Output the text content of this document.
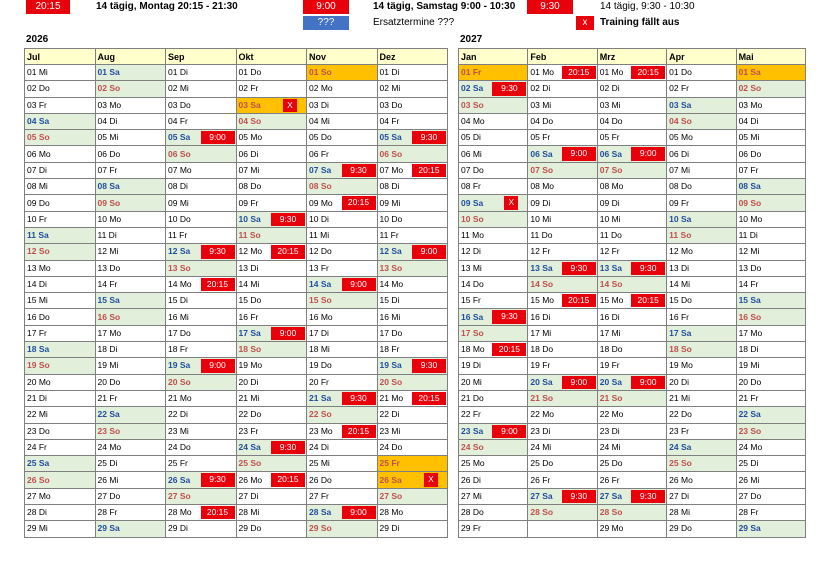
20:15	14 tägig, Montag 20:15 - 21:30	9:00	14 tägig, Samstag 9:00 - 10:30	9:30	14 tägig, 9:30 - 10:30
???	Ersatztermine ???	x	Training fällt aus
2026	2027
Jul	Aug	Sep	Okt	Nov	Dez
01 Mi	01 Sa	01 Di	01 Do	01 So	01 Di
02 Do	02 So	02 Mi	02 Fr	02 Mo	02 Mi
03 Fr	03 Mo	03 Do	03 Sa X	03 Di	03 Do
04 Sa	04 Di	04 Fr	04 So	04 Mi	04 Fr
05 So	05 Mi	05 Sa 9:00	05 Mo	05 Do	05 Sa 9:30

06 Mo	06 Do	06 So	06 Di	06 Fr	06 So
07 Di	07 Fr	07 Mo	07 Mi	07 Sa 9:30	07 Mo 20:15

08 Mi	08 Sa	08 Di	08 Do	08 So	08 Di
09 Do	09 So	09 Mi	09 Fr	09 Mo 20:15	09 Mi
10 Fr	10 Mo	10 Do	10 Sa 9:30	10 Di	10 Do
11 Sa	11 Di	11 Fr	11 So	11 Mi	11 Fr
12 So	12 Mi	12 Sa 9:30	12 Mo 20:15	12 Do	12 Sa 9:00

13 Mo	13 Do	13 So	13 Di	13 Fr	13 So
14 Di	14 Fr	14 Mo 20:15	14 Mi	14 Sa 9:00	14 Mo
15 Mi	15 Sa	15 Di	15 Do	15 So	15 Di
16 Do	16 So	16 Mi	16 Fr	16 Mo	16 Mi
17 Fr	17 Mo	17 Do	17 Sa 9:00	17 Di	17 Do
18 Sa	18 Di	18 Fr	18 So	18 Mi	18 Fr
19 So	19 Mi	19 Sa 9:00	19 Mo	19 Do	19 Sa 9:30

20 Mo	20 Do	20 So	20 Di	20 Fr	20 So
21 Di	21 Fr	21 Mo	21 Mi	21 Sa 9:30	21 Mo 20:15

22 Mi	22 Sa	22 Di	22 Do	22 So	22 Di
23 Do	23 So	23 Mi	23 Fr	23 Mo 20:15	23 Mi
24 Fr	24 Mo	24 Do	24 Sa 9:30	24 Di	24 Do
25 Sa	25 Di	25 Fr	25 So	25 Mi	25 Fr
26 So	26 Mi	26 Sa 9:30	26 Mo 20:15	26 Do	26 Sa X

27 Mo	27 Do	27 So	27 Di	27 Fr	27 So
28 Di	28 Fr	28 Mo 20:15	28 Mi	28 Sa 9:00	28 Mo
29 Mi	29 Sa	29 Di	29 Do	29 So	29 Di
Jan	Feb	Mrz	Apr	Mai
01 Fr	01 Mo 20:15	01 Mo 20:15	01 Do	01 Sa
02 Sa 9:30	02 Di	02 Di	02 Fr	02 So
03 So	03 Mi	03 Mi	03 Sa	03 Mo
04 Mo	04 Do	04 Do	04 So	04 Di
05 Di	05 Fr	05 Fr	05 Mo	05 Mi
06 Mi	06 Sa 9:00	06 Sa 9:00	06 Di	06 Do
07 Do	07 So	07 So	07 Mi	07 Fr
08 Fr	08 Mo	08 Mo	08 Do	08 Sa
09 Sa X	09 Di	09 Di	09 Fr	09 So
10 So	10 Mi	10 Mi	10 Sa	10 Mo
11 Mo	11 Do	11 Do	11 So	11 Di
12 Di	12 Fr	12 Fr	12 Mo	12 Mi
13 Mi	13 Sa 9:30	13 Sa 9:30	13 Di	13 Do
14 Do	14 So	14 So	14 Mi	14 Fr
15 Fr	15 Mo 20:15	15 Mo 20:15	15 Do	15 Sa
16 Sa 9:30	16 Di	16 Di	16 Fr	16 So
17 So	17 Mi	17 Mi	17 Sa	17 Mo
18 Mo 20:15	18 Do	18 Do	18 So	18 Di
19 Di	19 Fr	19 Fr	19 Mo	19 Mi
20 Mi	20 Sa 9:00	20 Sa 9:00	20 Di	20 Do
21 Do	21 So	21 So	21 Mi	21 Fr
22 Fr	22 Mo	22 Mo	22 Do	22 Sa
23 Sa 9:00	23 Di	23 Di	23 Fr	23 So
24 So	24 Mi	24 Mi	24 Sa	24 Mo
25 Mo	25 Do	25 Do	25 So	25 Di
26 Di	26 Fr	26 Fr	26 Mo	26 Mi
27 Mi	27 Sa 9:30	27 Sa 9:30	27 Di	27 Do
28 Do	28 So	28 So	28 Mi	28 Fr
29 Fr		29 Mo	29 Do	29 Sa
